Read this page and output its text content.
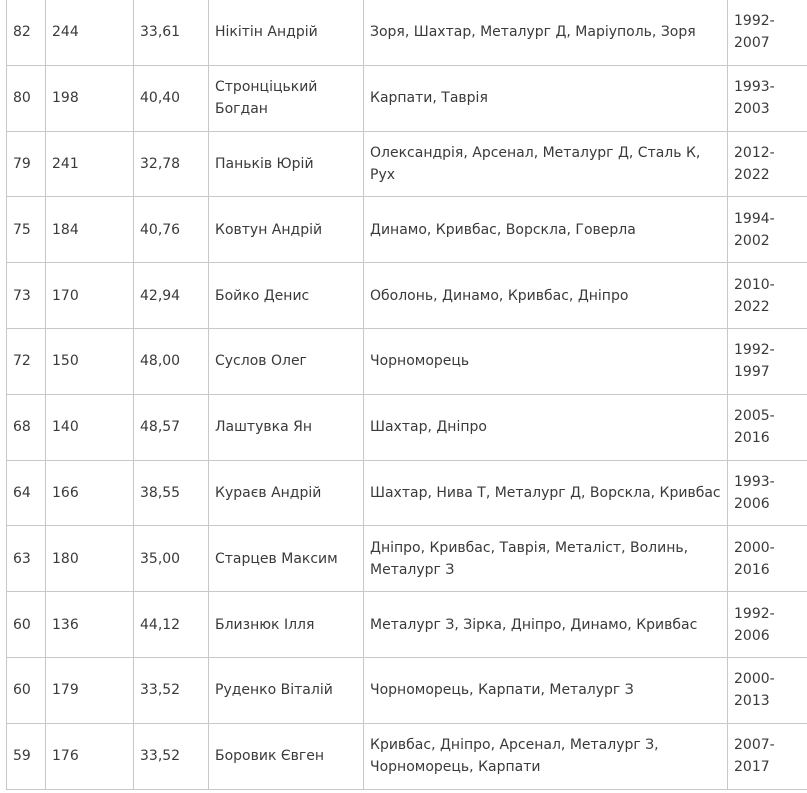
82	244	33,61	Нікітін Андрій	Зоря, Шахтар, Металург Д, Маріуполь, Зоря	1992-2007
80	198	40,40	Стронціцький Богдан	Карпати, Таврія	1993-2003
79	241	32,78	Паньків Юрій	Олександрія, Арсенал, Металург Д, Сталь К, Рух	2012-2022
75	184	40,76	Ковтун Андрій	Динамо, Кривбас, Ворскла, Говерла	1994-2002
73	170	42,94	Бойко Денис	Оболонь, Динамо, Кривбас, Дніпро	2010-2022
72	150	48,00	Суслов Олег	Чорноморець	1992-1997
68	140	48,57	Лаштувка Ян	Шахтар, Дніпро	2005-2016
64	166	38,55	Кураєв Андрій	Шахтар, Нива Т, Металург Д, Ворскла, Кривбас	1993-2006
63	180	35,00	Старцев Максим	Дніпро, Кривбас, Таврія, Металіст, Волинь, Металург З	2000-2016
60	136	44,12	Близнюк Ілля	Металург З, Зірка, Дніпро, Динамо, Кривбас	1992-2006
60	179	33,52	Руденко Віталій	Чорноморець, Карпати, Металург З	2000-2013
59	176	33,52	Боровик Євген	Кривбас, Дніпро, Арсенал, Металург З, Чорноморець, Карпати	2007-2017
